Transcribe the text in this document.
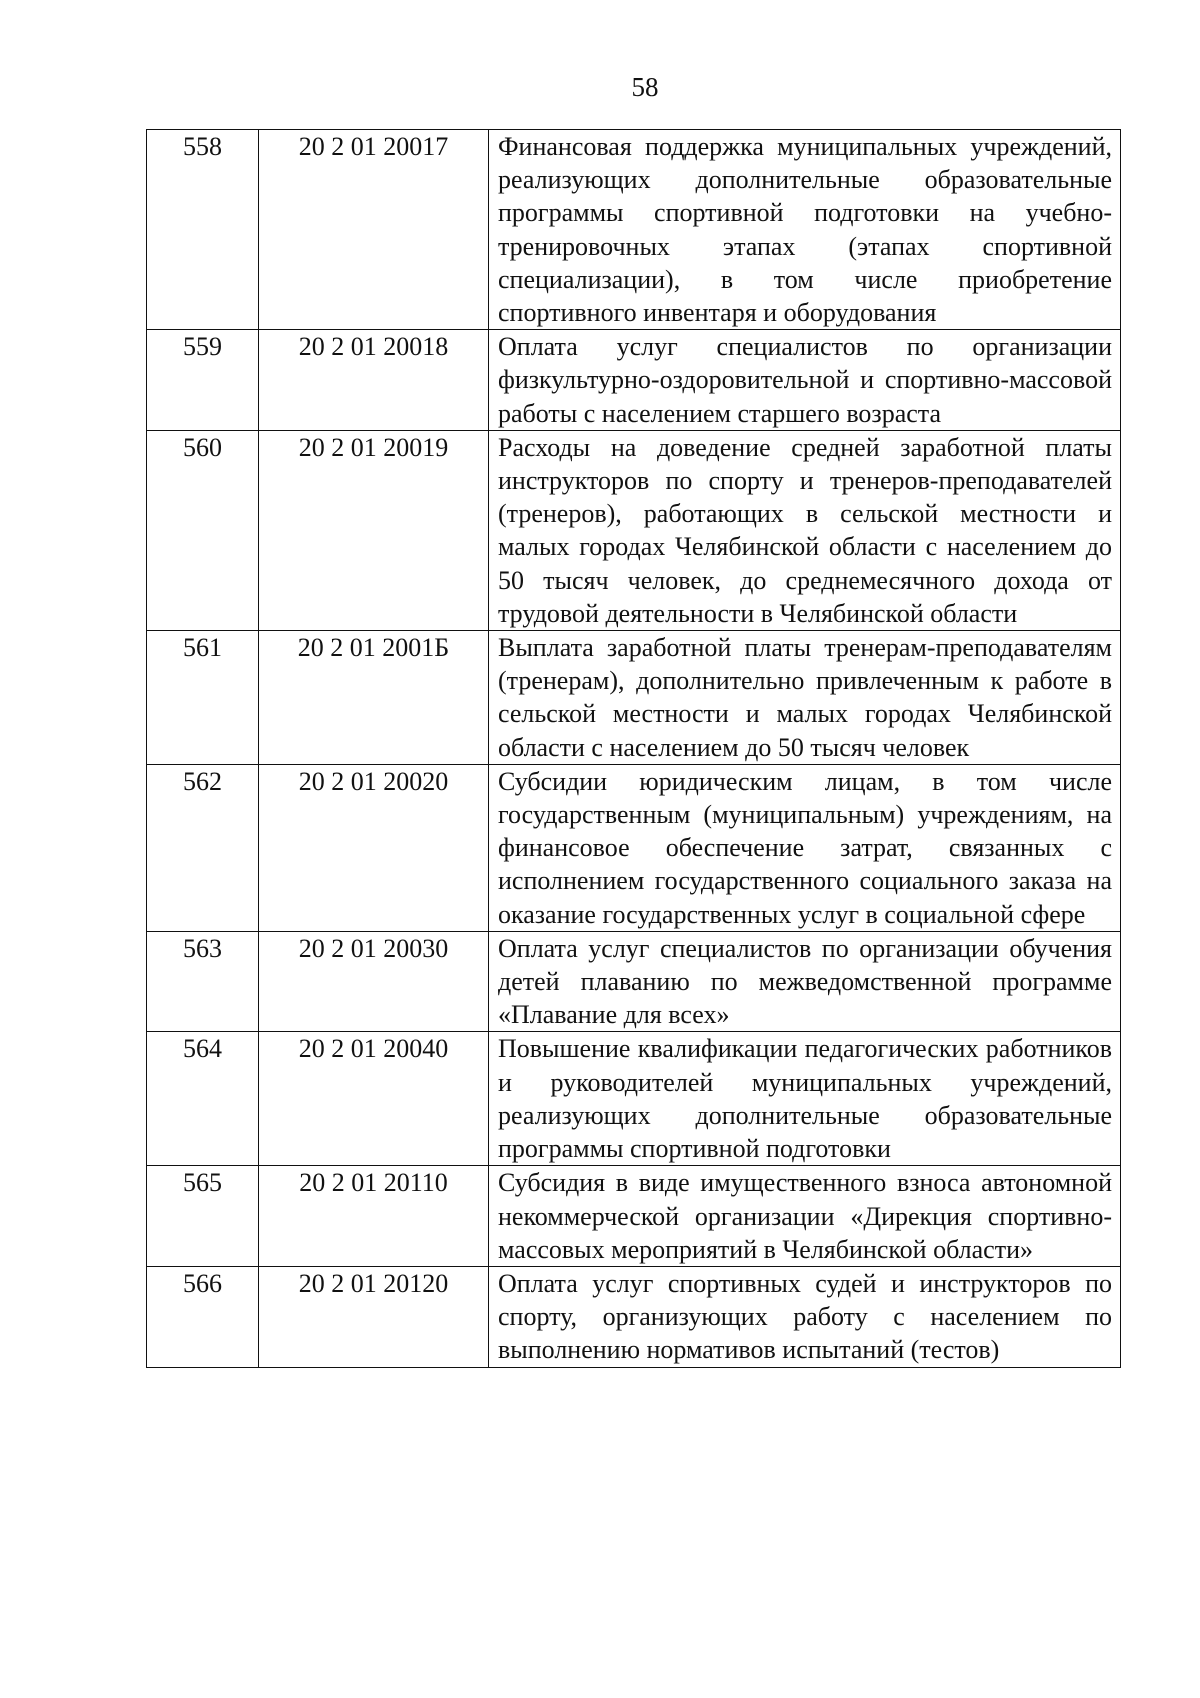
58
558	20 2 01 20017	Финансовая поддержка муниципальных учреждений, реализующих дополнительные образовательные программы спортивной подготовки на учебно-тренировочных этапах (этапах спортивной специализации), в том числе приобретение спортивного инвентаря и оборудования
559	20 2 01 20018	Оплата услуг специалистов по организации физкультурно-оздоровительной и спортивно-массовой работы с населением старшего возраста
560	20 2 01 20019	Расходы на доведение средней заработной платы инструкторов по спорту и тренеров-преподавателей (тренеров), работающих в сельской местности и малых городах Челябинской области с населением до 50 тысяч человек, до среднемесячного дохода от трудовой деятельности в Челябинской области
561	20 2 01 2001Б	Выплата заработной платы тренерам-преподавателям (тренерам), дополнительно привлеченным к работе в сельской местности и малых городах Челябинской области с населением до 50 тысяч человек
562	20 2 01 20020	Субсидии юридическим лицам, в том числе государственным (муниципальным) учреждениям, на финансовое обеспечение затрат, связанных с исполнением государственного социального заказа на оказание государственных услуг в социальной сфере
563	20 2 01 20030	Оплата услуг специалистов по организации обучения детей плаванию по межведомственной программе «Плавание для всех»
564	20 2 01 20040	Повышение квалификации педагогических работников и руководителей муниципальных учреждений, реализующих дополнительные образовательные программы спортивной подготовки
565	20 2 01 20110	Субсидия в виде имущественного взноса автономной некоммерческой организации «Дирекция спортивно-массовых мероприятий в Челябинской области»
566	20 2 01 20120	Оплата услуг спортивных судей и инструкторов по спорту, организующих работу с населением по выполнению нормативов испытаний (тестов)
